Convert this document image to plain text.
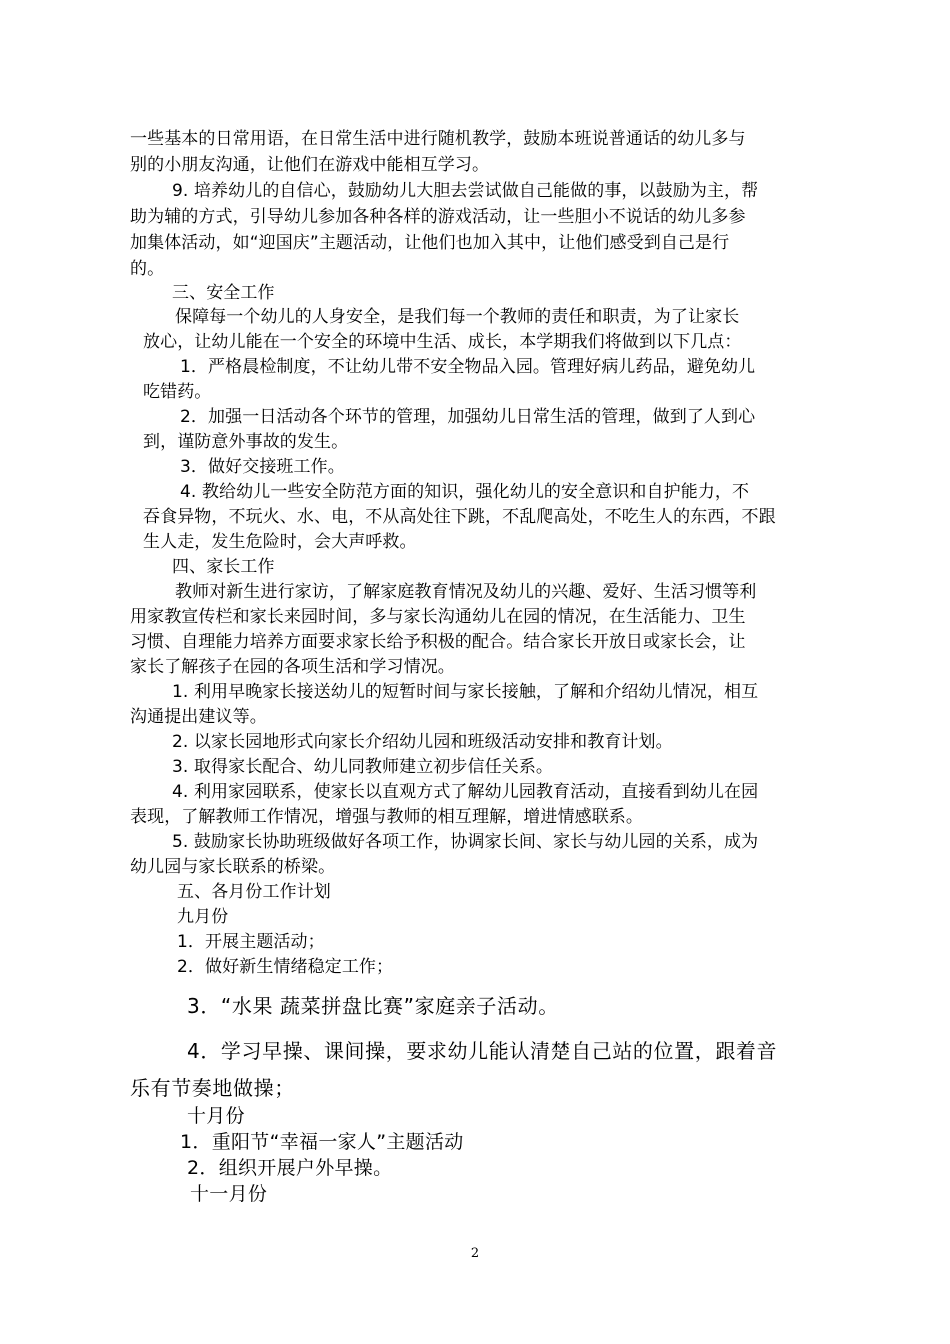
一些基本的日常用语，在日常生活中进行随机教学，鼓励本班说普通话的幼儿多与
别的小朋友沟通，让他们在游戏中能相互学习。
9. 培养幼儿的自信心，鼓励幼儿大胆去尝试做自己能做的事，以鼓励为主，帮
助为辅的方式，引导幼儿参加各种各样的游戏活动，让一些胆小不说话的幼儿多参
加集体活动，如“迎国庆”主题活动，让他们也加入其中，让他们感受到自己是行
的。
三、安全工作
保障每一个幼儿的人身安全，是我们每一个教师的责任和职责，为了让家长
放心，让幼儿能在一个安全的环境中生活、成长，本学期我们将做到以下几点：
1．严格晨检制度，不让幼儿带不安全物品入园。管理好病儿药品，避免幼儿
吃错药。
2．加强一日活动各个环节的管理，加强幼儿日常生活的管理，做到了人到心
到，谨防意外事故的发生。
3．做好交接班工作。
4. 教给幼儿一些安全防范方面的知识，强化幼儿的安全意识和自护能力，不
吞食异物，不玩火、水、电，不从高处往下跳，不乱爬高处，不吃生人的东西，不跟
生人走，发生危险时，会大声呼救。
四、家长工作
教师对新生进行家访，了解家庭教育情况及幼儿的兴趣、爱好、生活习惯等利
用家教宣传栏和家长来园时间，多与家长沟通幼儿在园的情况，在生活能力、卫生
习惯、自理能力培养方面要求家长给予积极的配合。结合家长开放日或家长会，让
家长了解孩子在园的各项生活和学习情况。
1. 利用早晚家长接送幼儿的短暂时间与家长接触，了解和介绍幼儿情况，相互
沟通提出建议等。
2. 以家长园地形式向家长介绍幼儿园和班级活动安排和教育计划。
3. 取得家长配合、幼儿同教师建立初步信任关系。
4. 利用家园联系，使家长以直观方式了解幼儿园教育活动，直接看到幼儿在园
表现，了解教师工作情况，增强与教师的相互理解，增进情感联系。
5. 鼓励家长协助班级做好各项工作，协调家长间、家长与幼儿园的关系，成为
幼儿园与家长联系的桥梁。
五、各月份工作计划
九月份
1．开展主题活动；
2．做好新生情绪稳定工作；
3．“水果 蔬菜拼盘比赛”家庭亲子活动。
4．学习早操、课间操，要求幼儿能认清楚自己站的位置，跟着音
乐有节奏地做操；
十月份
1．重阳节“幸福一家人”主题活动
2．组织开展户外早操。
十一月份
2
